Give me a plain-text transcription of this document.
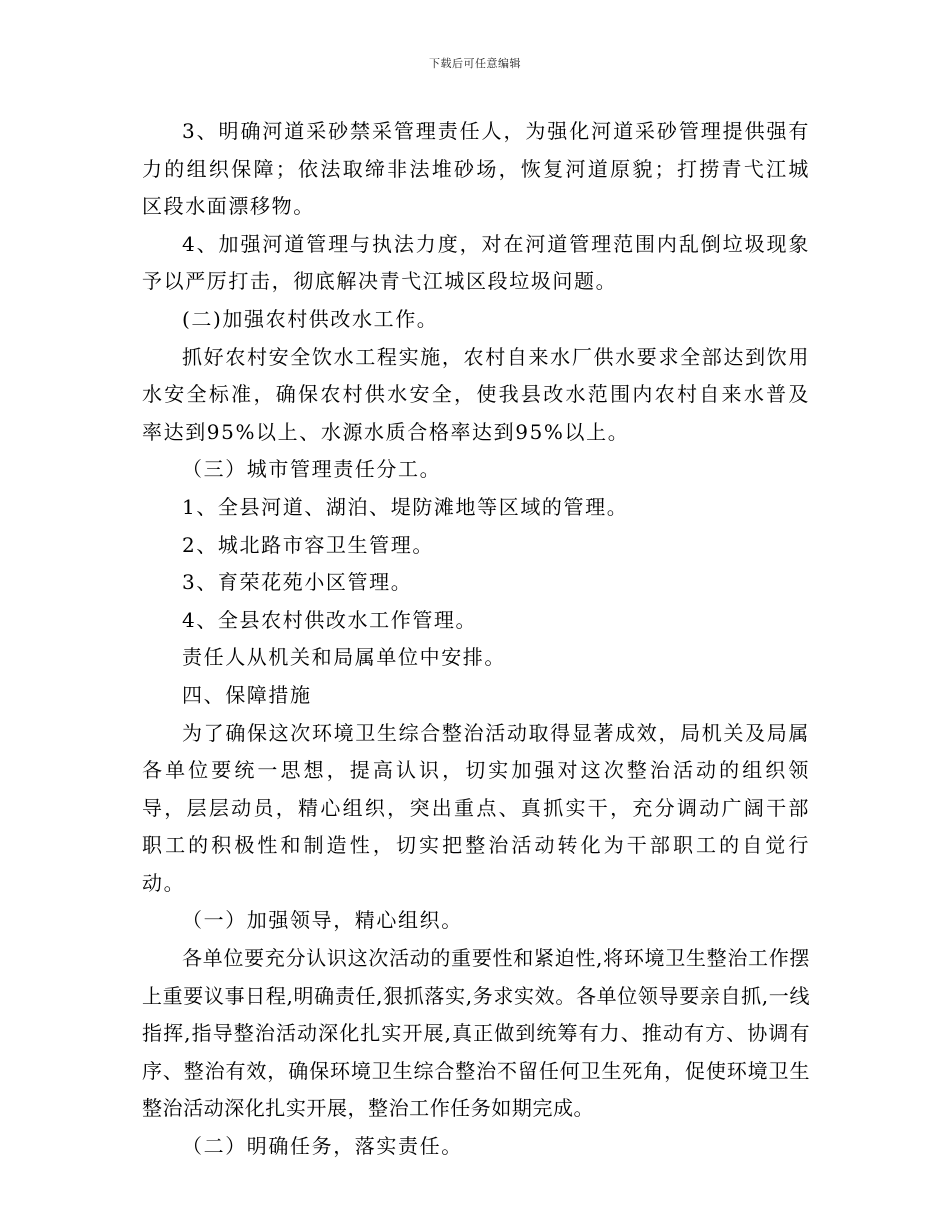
下载后可任意编辑

3、明确河道采砂禁采管理责任人，为强化河道采砂管理提供强有力的组织保障；依法取缔非法堆砂场，恢复河道原貌；打捞青弋江城区段水面漂移物。

4、加强河道管理与执法力度，对在河道管理范围内乱倒垃圾现象予以严厉打击，彻底解决青弋江城区段垃圾问题。

(二)加强农村供改水工作。

抓好农村安全饮水工程实施，农村自来水厂供水要求全部达到饮用水安全标准，确保农村供水安全，使我县改水范围内农村自来水普及率达到95%以上、水源水质合格率达到95%以上。

（三）城市管理责任分工。

1、全县河道、湖泊、堤防滩地等区域的管理。

2、城北路市容卫生管理。

3、育荣花苑小区管理。

4、全县农村供改水工作管理。

责任人从机关和局属单位中安排。

四、保障措施

为了确保这次环境卫生综合整治活动取得显著成效，局机关及局属各单位要统一思想，提高认识，切实加强对这次整治活动的组织领导，层层动员，精心组织，突出重点、真抓实干，充分调动广阔干部职工的积极性和制造性，切实把整治活动转化为干部职工的自觉行动。

（一）加强领导，精心组织。

各单位要充分认识这次活动的重要性和紧迫性,将环境卫生整治工作摆上重要议事日程,明确责任,狠抓落实,务求实效。各单位领导要亲自抓,一线指挥,指导整治活动深化扎实开展,真正做到统筹有力、推动有方、协调有序、整治有效，确保环境卫生综合整治不留任何卫生死角，促使环境卫生整治活动深化扎实开展，整治工作任务如期完成。

（二）明确任务，落实责任。
